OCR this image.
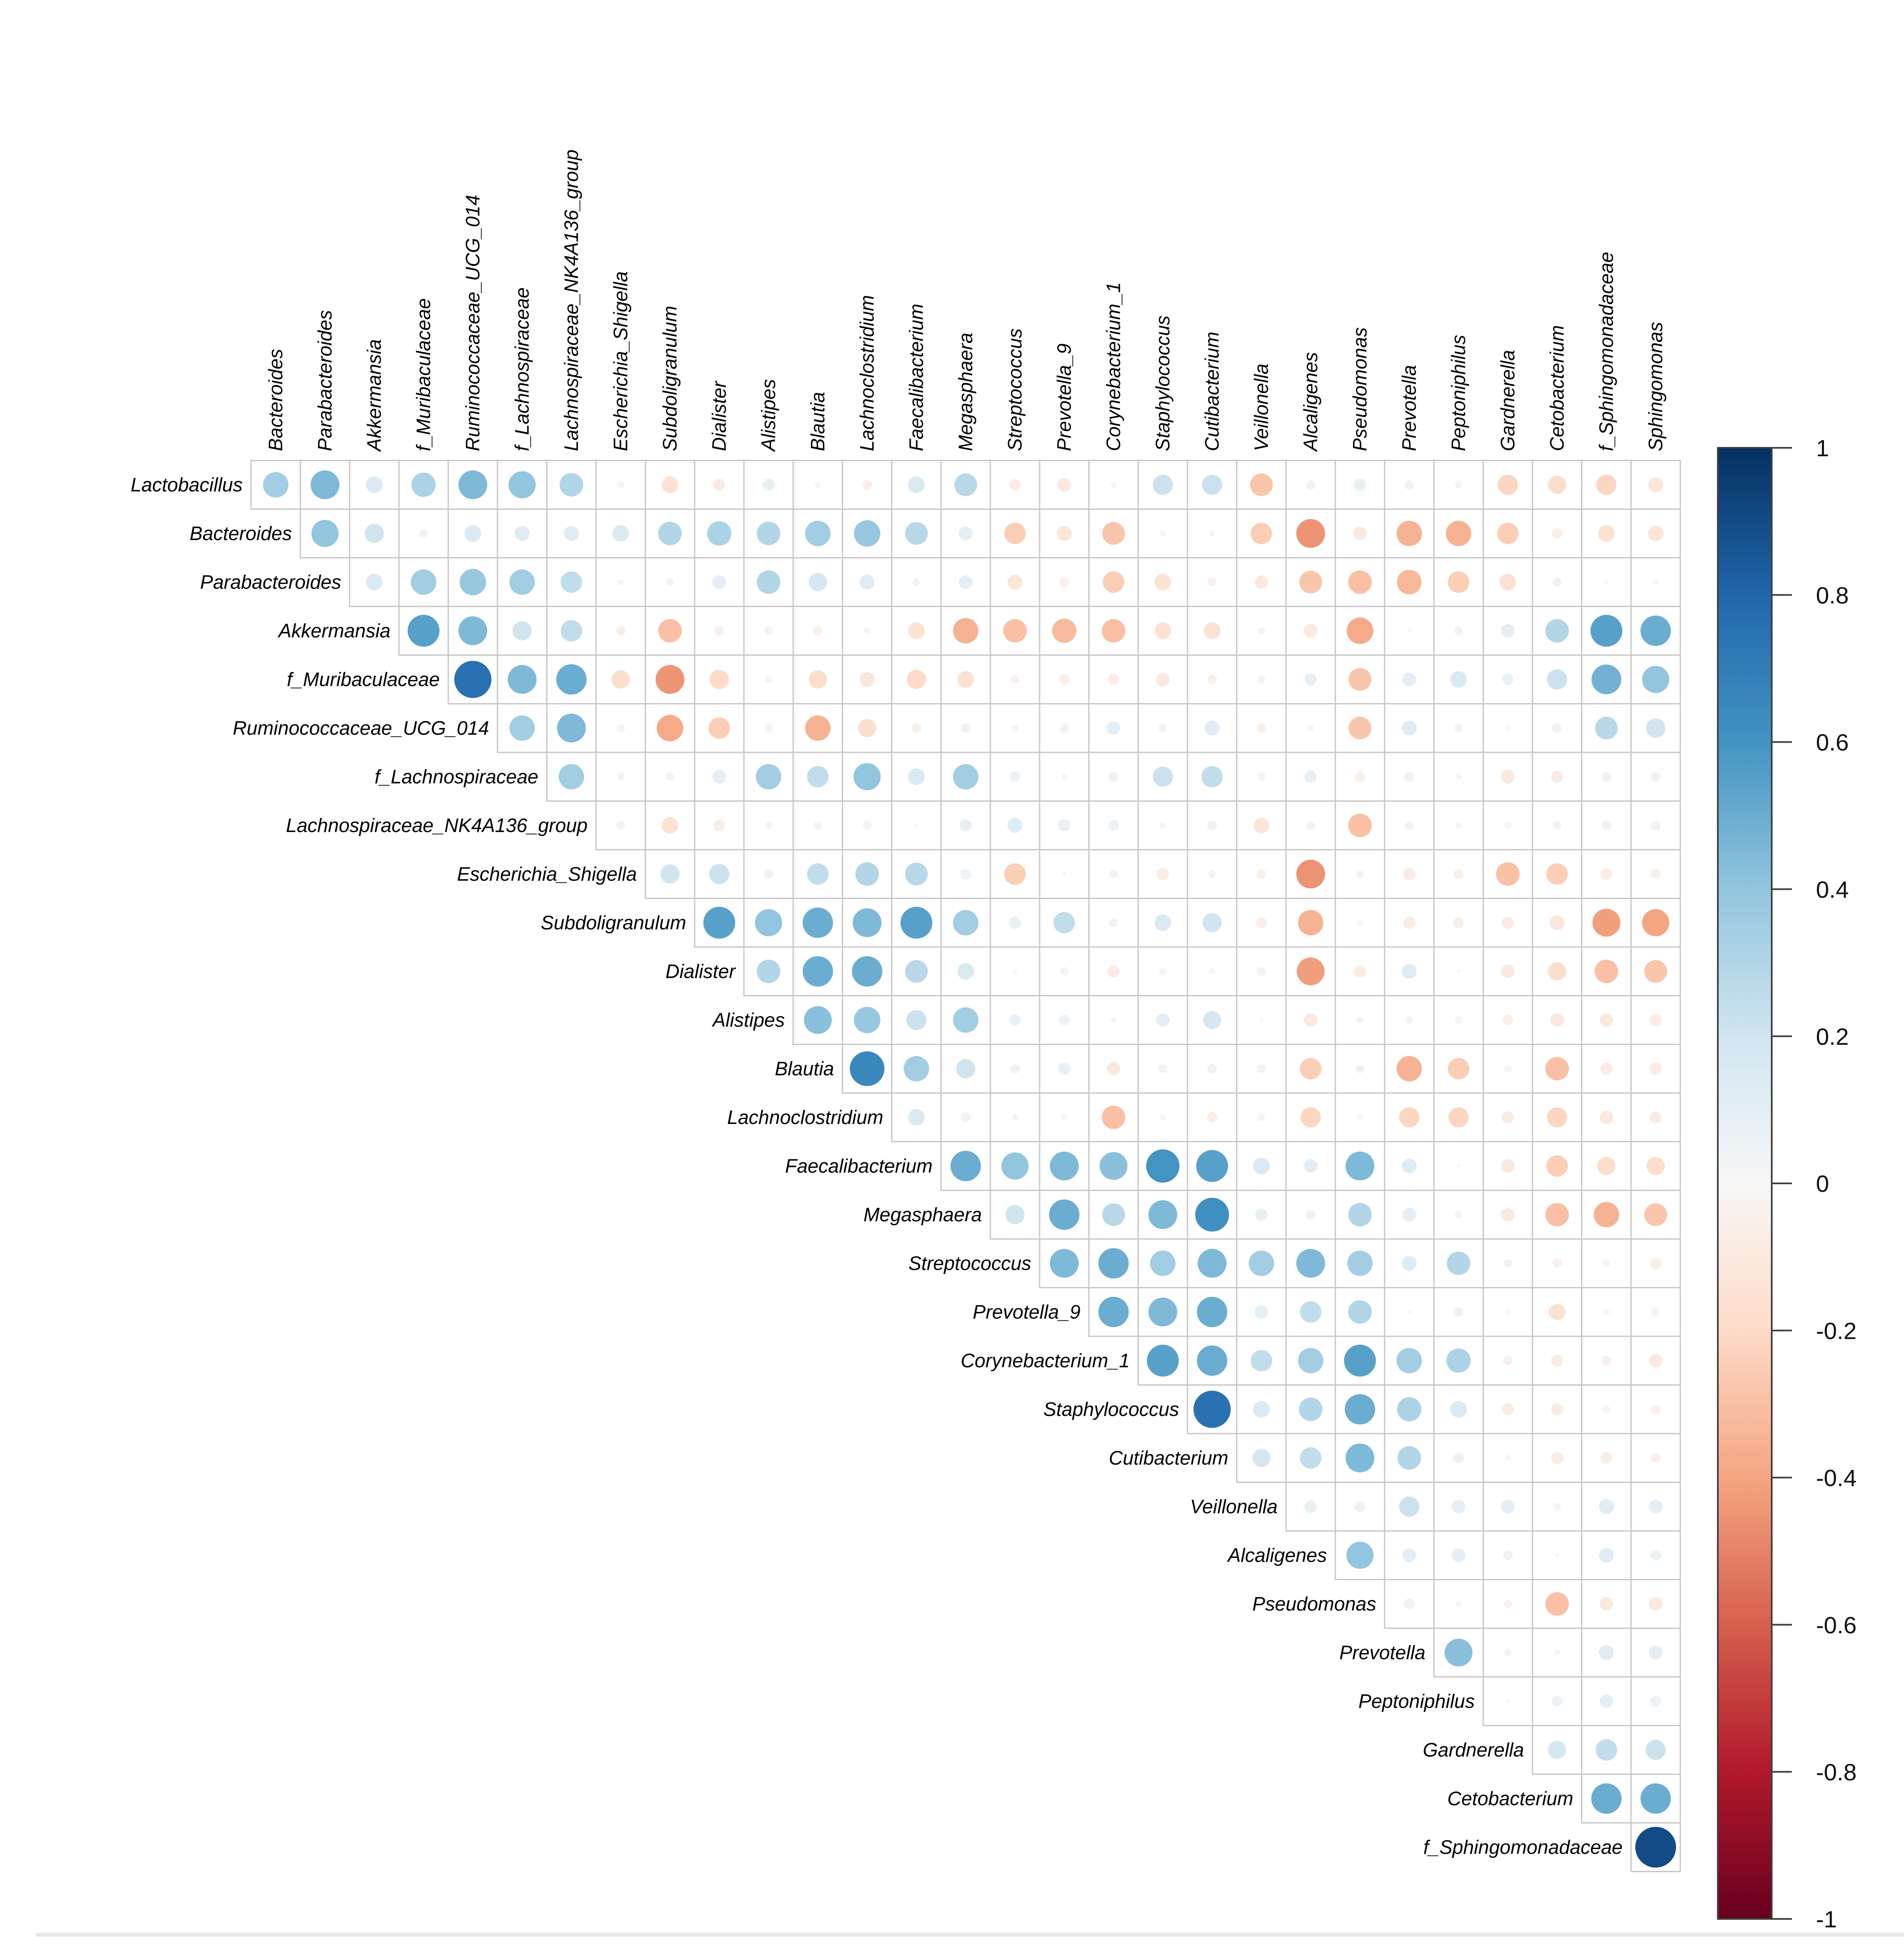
Lactobacillus
Bacteroides
Parabacteroides
Akkermansia
f_Muribaculaceae
Ruminococcaceae_UCG_014
f_Lachnospiraceae
Lachnospiraceae_NK4A136_group
Escherichia_Shigella
Subdoligranulum
Dialister
Alistipes
Blautia
Lachnoclostridium
Faecalibacterium
Megasphaera
Streptococcus
Prevotella_9
Corynebacterium_1
Staphylococcus
Cutibacterium
Veillonella
Alcaligenes
Pseudomonas
Prevotella
Peptoniphilus
Gardnerella
Cetobacterium
f_Sphingomonadaceae
Bacteroides Parabacteroides Akkermansia f_Muribaculaceae Ruminococcaceae_UCG_014 f_Lachnospiraceae Lachnospiraceae_NK4A136_group Escherichia_Shigella Subdoligranulum Dialister Alistipes Blautia Lachnoclostridium Faecalibacterium Megasphaera Streptococcus Prevotella_9 Corynebacterium_1 Staphylococcus Cutibacterium Veillonella Alcaligenes Pseudomonas Prevotella Peptoniphilus Gardnerella Cetobacterium f_Sphingomonadaceae Sphingomonas	1
0.8
0.6
0.4
0.2
0
-0.2
-0.4
-0.6
-0.8
-1
